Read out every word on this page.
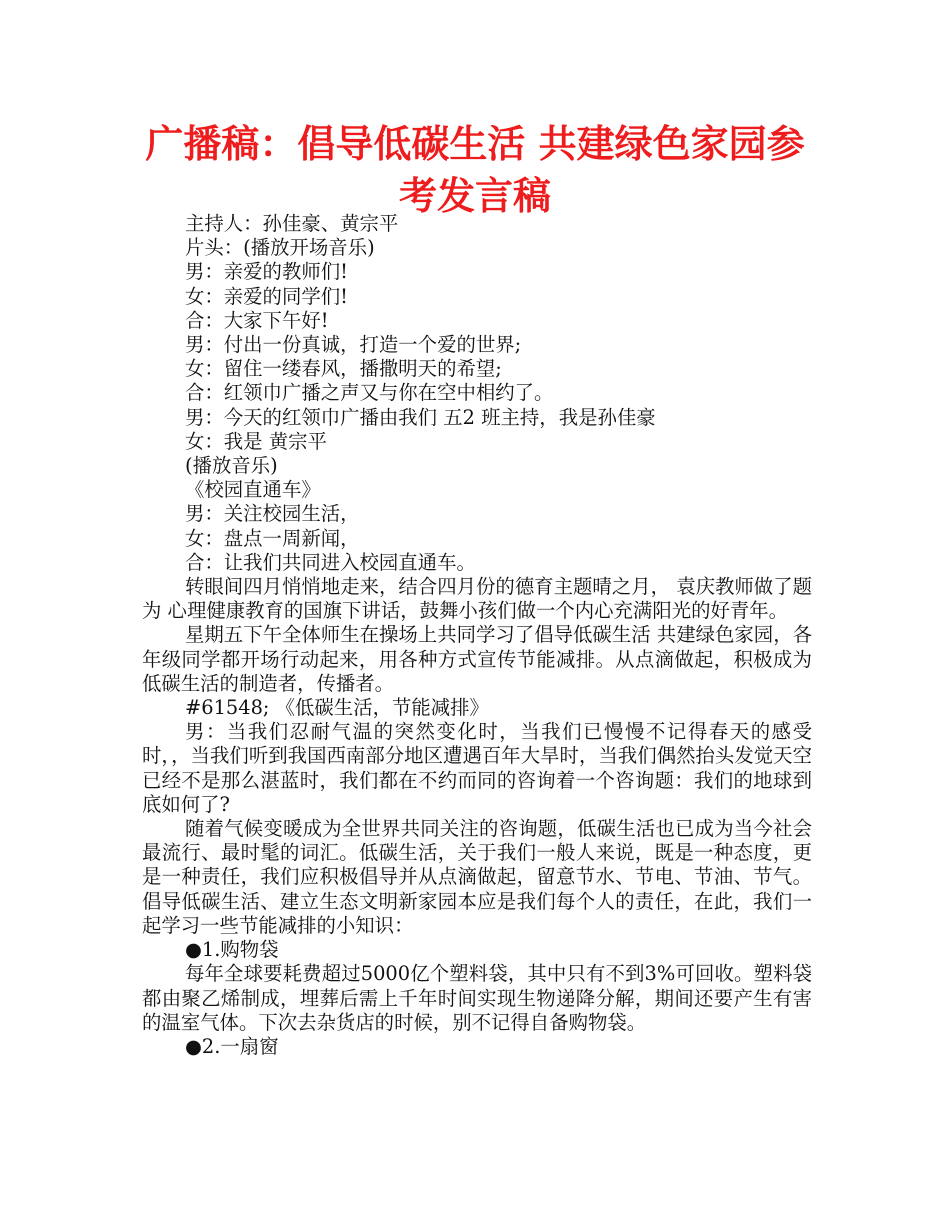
广播稿：倡导低碳生活 共建绿色家园参考发言稿
主持人：孙佳豪、黄宗平
片头：(播放开场音乐)
男：亲爱的教师们!
女：亲爱的同学们!
合：大家下午好!
男：付出一份真诚，打造一个爱的世界;
女：留住一缕春风，播撒明天的希望;
合：红领巾广播之声又与你在空中相约了。
男：今天的红领巾广播由我们 五2 班主持，我是孙佳豪
女：我是 黄宗平
(播放音乐)
《校园直通车》
男：关注校园生活，
女：盘点一周新闻，
合：让我们共同进入校园直通车。

转眼间四月悄悄地走来，结合四月份的德育主题晴之月， 袁庆教师做了题为 心理健康教育的国旗下讲话，鼓舞小孩们做一个内心充满阳光的好青年。

星期五下午全体师生在操场上共同学习了倡导低碳生活 共建绿色家园，各年级同学都开场行动起来，用各种方式宣传节能减排。从点滴做起，积极成为低碳生活的制造者，传播者。

#61548; 《低碳生活，节能减排》

男：当我们忍耐气温的突然变化时，当我们已慢慢不记得春天的感受时，，当我们听到我国西南部分地区遭遇百年大旱时，当我们偶然抬头发觉天空已经不是那么湛蓝时，我们都在不约而同的咨询着一个咨询题：我们的地球到底如何了?

随着气候变暖成为全世界共同关注的咨询题，低碳生活也已成为当今社会最流行、最时髦的词汇。低碳生活，关于我们一般人来说，既是一种态度，更是一种责任，我们应积极倡导并从点滴做起，留意节水、节电、节油、节气。倡导低碳生活、建立生态文明新家园本应是我们每个人的责任，在此，我们一起学习一些节能减排的小知识：

●1.购物袋

每年全球要耗费超过5000亿个塑料袋，其中只有不到3%可回收。塑料袋都由聚乙烯制成，埋葬后需上千年时间实现生物递降分解，期间还要产生有害的温室气体。下次去杂货店的时候，别不记得自备购物袋。

●2.一扇窗
